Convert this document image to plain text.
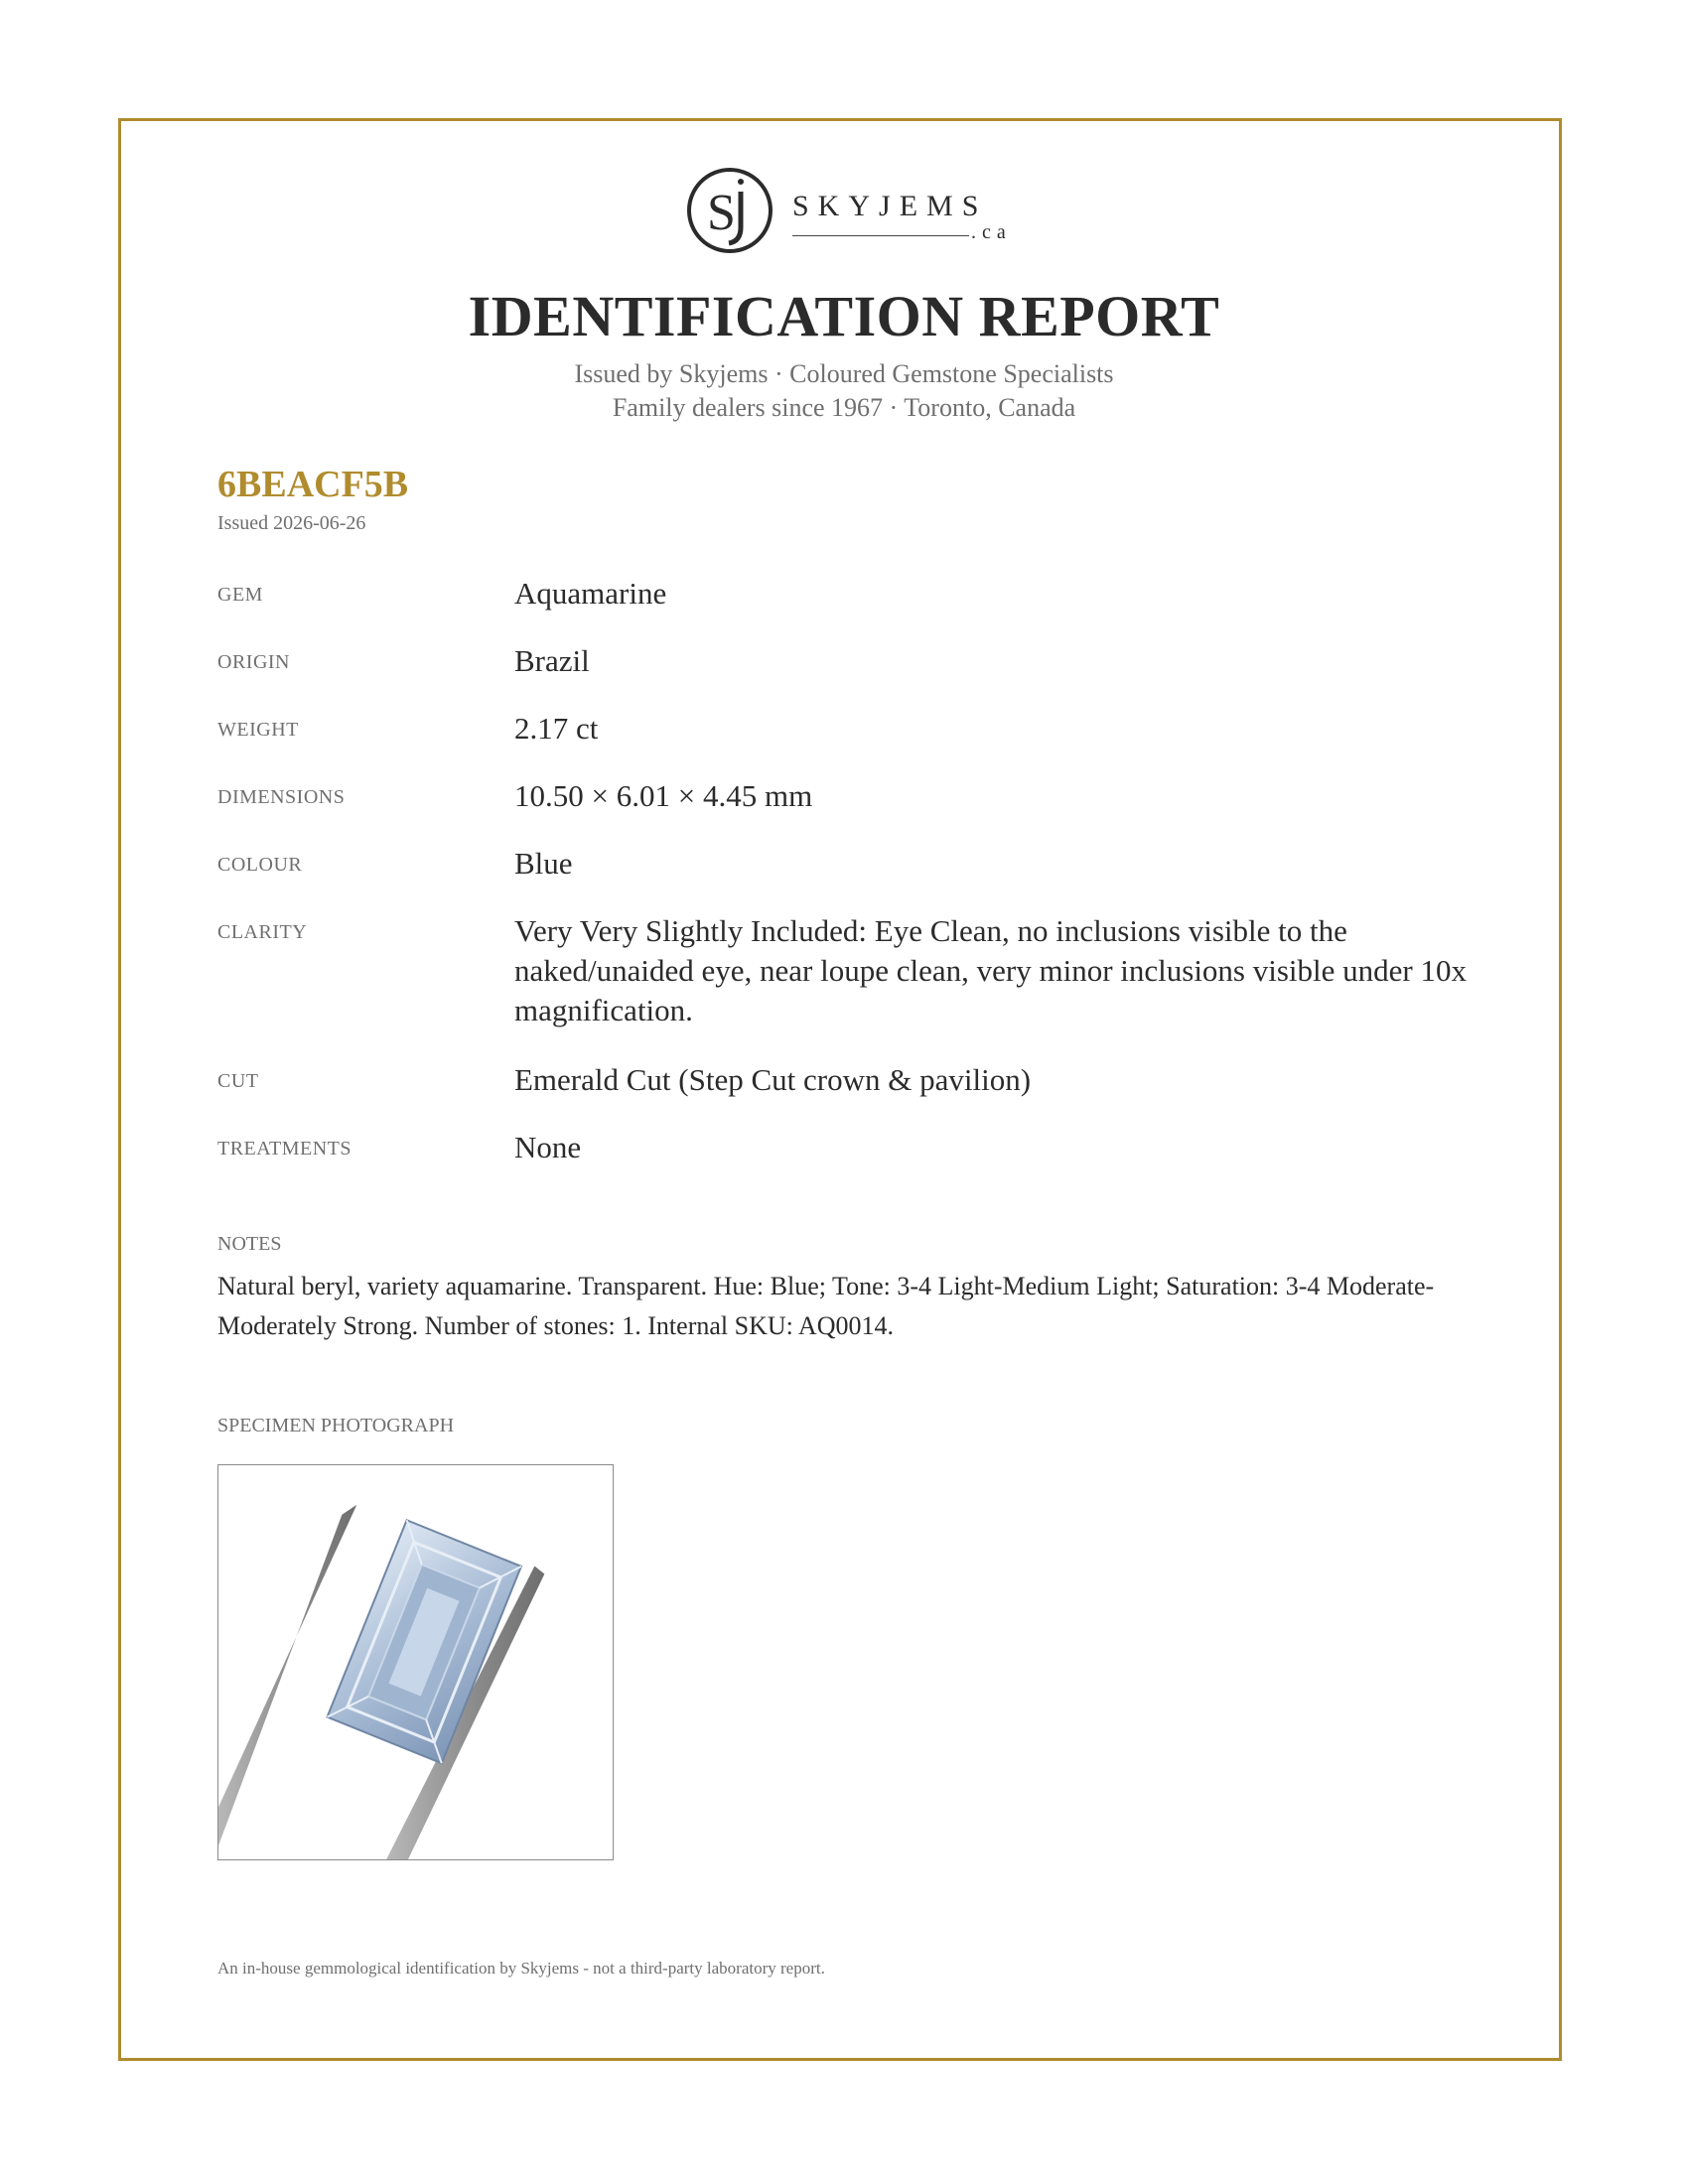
S SKYJEMS
.ca
IDENTIFICATION REPORT
Issued by Skyjems · Coloured Gemstone Specialists
Family dealers since 1967 · Toronto, Canada
6BEACF5B
Issued 2026-06-26
GEM	Aquamarine
ORIGIN	Brazil
WEIGHT	2.17 ct
DIMENSIONS	10.50 × 6.01 × 4.45 mm
COLOUR	Blue
CLARITY	Very Very Slightly Included: Eye Clean, no inclusions visible to the naked/unaided eye, near loupe clean, very minor inclusions visible under 10x magnification.
CUT	Emerald Cut (Step Cut crown & pavilion)
TREATMENTS	None
NOTES
Natural beryl, variety aquamarine. Transparent. Hue: Blue; Tone: 3-4 Light-Medium Light; Saturation: 3-4 Moderate-Moderately Strong. Number of stones: 1. Internal SKU: AQ0014.
SPECIMEN PHOTOGRAPH
An in-house gemmological identification by Skyjems - not a third-party laboratory report.
